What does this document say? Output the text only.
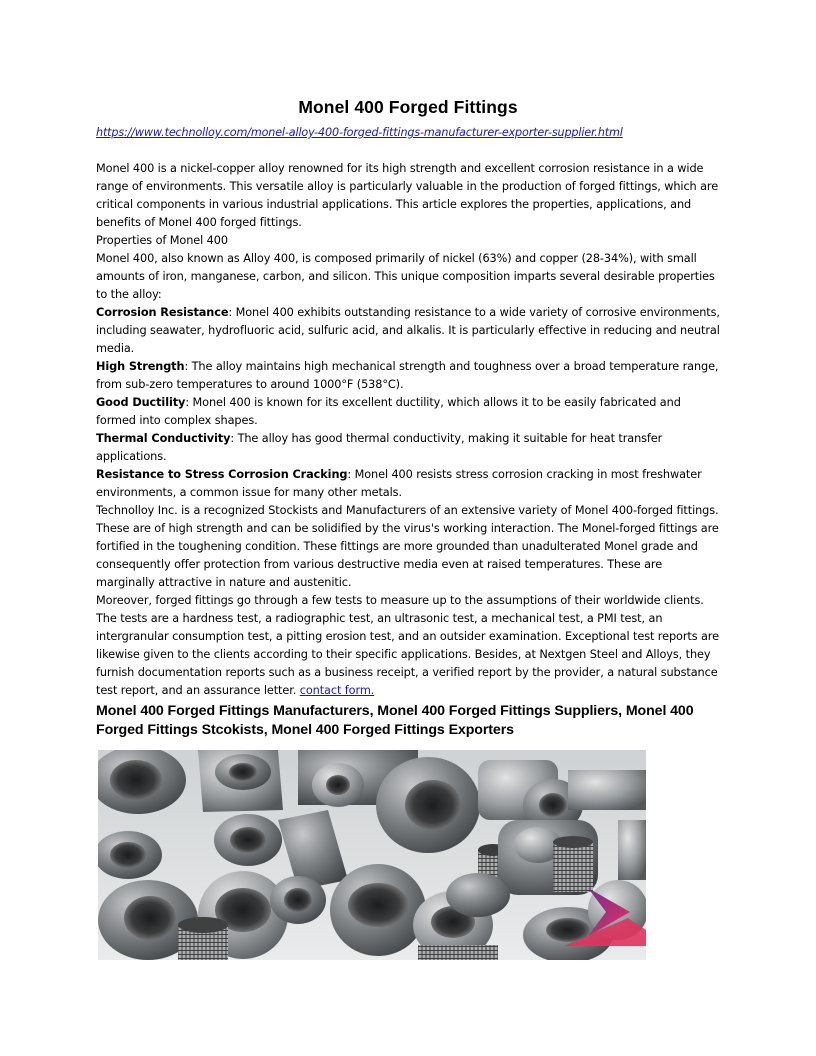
Monel 400 Forged Fittings
https://www.technolloy.com/monel-alloy-400-forged-fittings-manufacturer-exporter-supplier.html

Monel 400 is a nickel-copper alloy renowned for its high strength and excellent corrosion resistance in a wide range of environments. This versatile alloy is particularly valuable in the production of forged fittings, which are critical components in various industrial applications. This article explores the properties, applications, and benefits of Monel 400 forged fittings.

Properties of Monel 400

Monel 400, also known as Alloy 400, is composed primarily of nickel (63%) and copper (28-34%), with small amounts of iron, manganese, carbon, and silicon. This unique composition imparts several desirable properties to the alloy:

Corrosion Resistance: Monel 400 exhibits outstanding resistance to a wide variety of corrosive environments, including seawater, hydrofluoric acid, sulfuric acid, and alkalis. It is particularly effective in reducing and neutral media.

High Strength: The alloy maintains high mechanical strength and toughness over a broad temperature range, from sub-zero temperatures to around 1000°F (538°C).

Good Ductility: Monel 400 is known for its excellent ductility, which allows it to be easily fabricated and formed into complex shapes.

Thermal Conductivity: The alloy has good thermal conductivity, making it suitable for heat transfer applications.

Resistance to Stress Corrosion Cracking: Monel 400 resists stress corrosion cracking in most freshwater environments, a common issue for many other metals.

Technolloy Inc. is a recognized Stockists and Manufacturers of an extensive variety of Monel 400-forged fittings. These are of high strength and can be solidified by the virus's working interaction. The Monel-forged fittings are fortified in the toughening condition. These fittings are more grounded than unadulterated Monel grade and consequently offer protection from various destructive media even at raised temperatures. These are marginally attractive in nature and austenitic.

Moreover, forged fittings go through a few tests to measure up to the assumptions of their worldwide clients. The tests are a hardness test, a radiographic test, an ultrasonic test, a mechanical test, a PMI test, an intergranular consumption test, a pitting erosion test, and an outsider examination. Exceptional test reports are likewise given to the clients according to their specific applications. Besides, at Nextgen Steel and Alloys, they furnish documentation reports such as a business receipt, a verified report by the provider, a natural substance test report, and an assurance letter. contact form.

Monel 400 Forged Fittings Manufacturers, Monel 400 Forged Fittings Suppliers, Monel 400 Forged Fittings Stcokists, Monel 400 Forged Fittings Exporters
